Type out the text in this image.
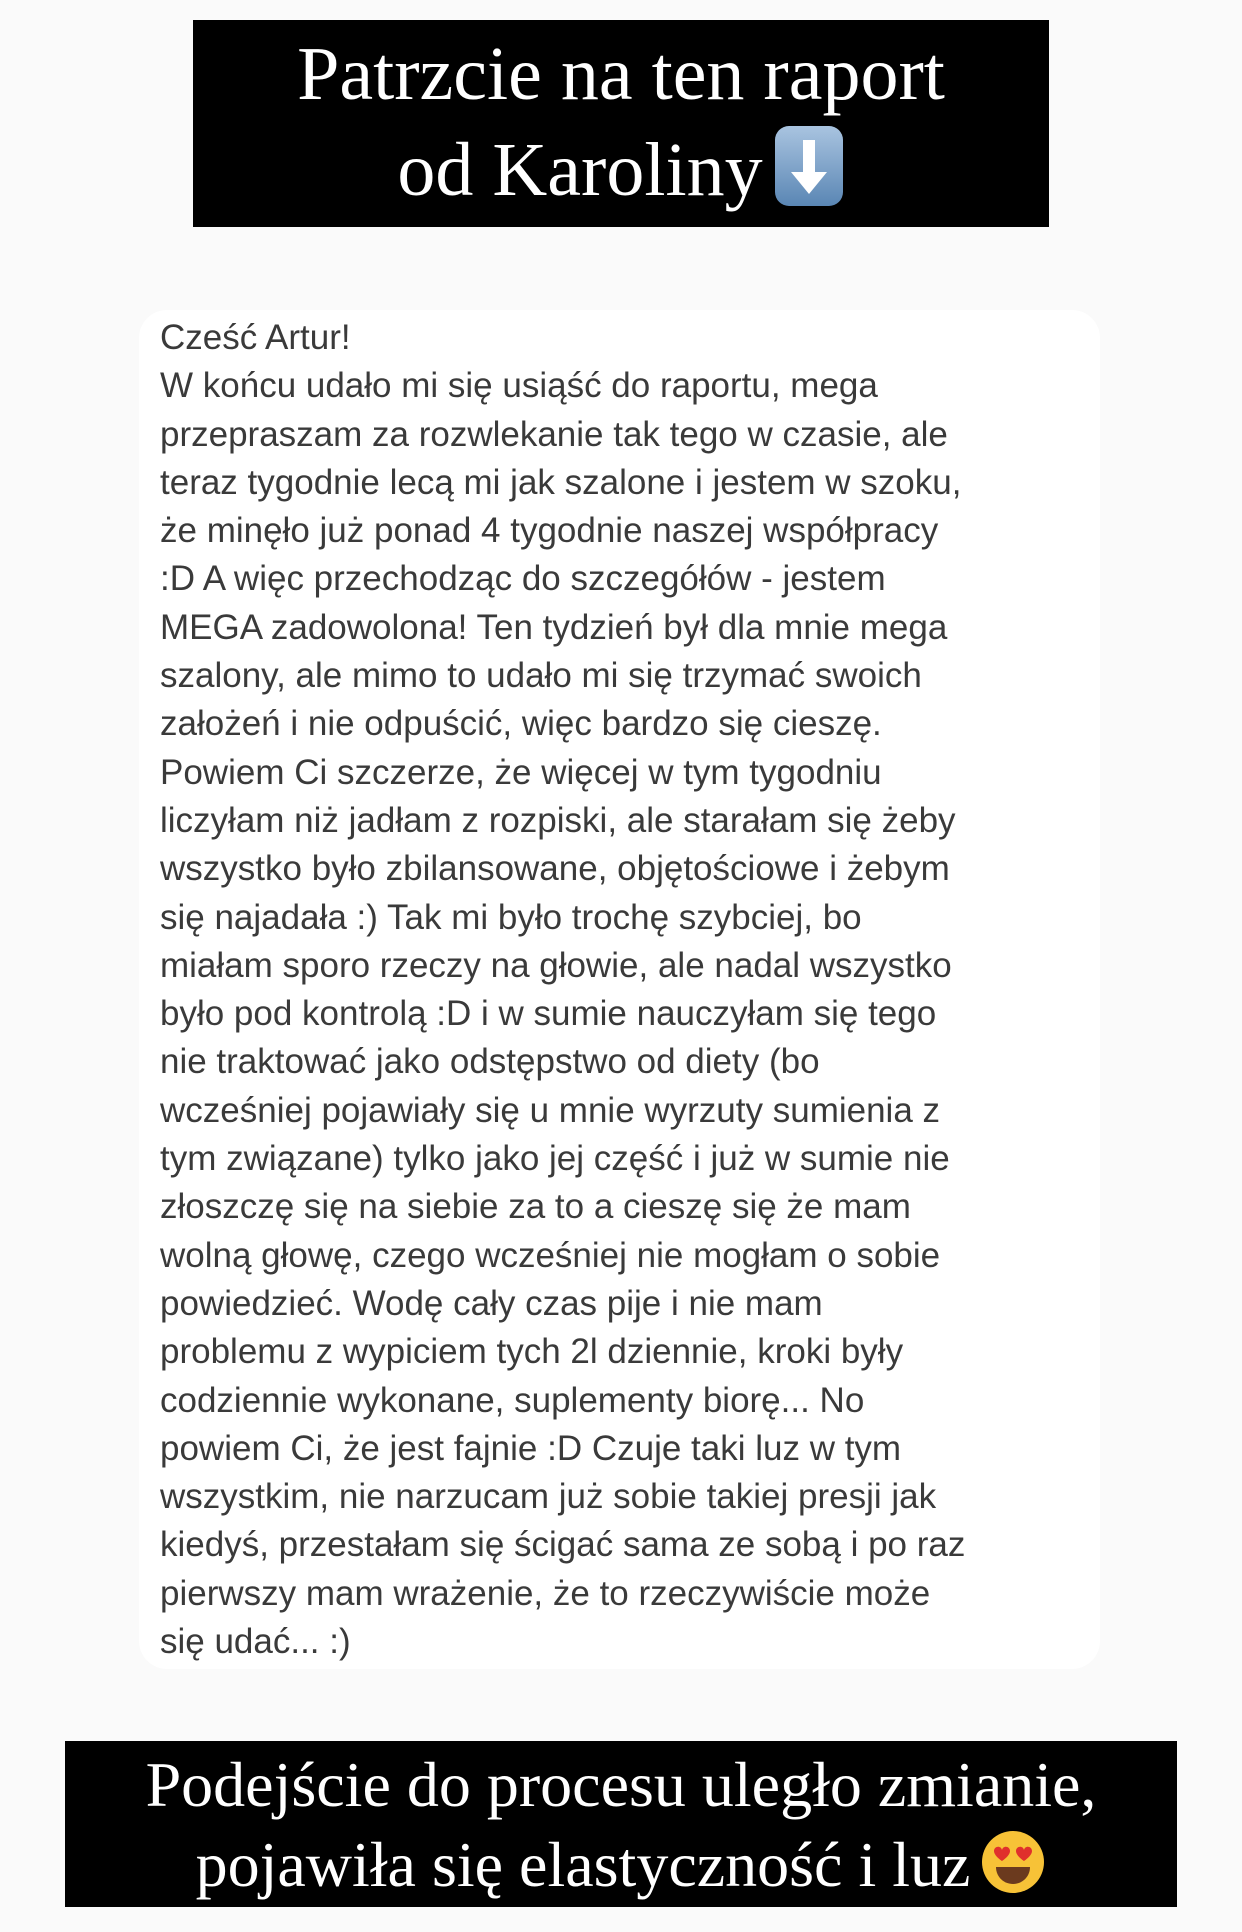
Patrzcie na ten raport
od Karoliny
Cześć Artur!
W końcu udało mi się usiąść do raportu, mega
przepraszam za rozwlekanie tak tego w czasie, ale
teraz tygodnie lecą mi jak szalone i jestem w szoku,
że minęło już ponad 4 tygodnie naszej współpracy
:D A więc przechodząc do szczegółów - jestem
MEGA zadowolona! Ten tydzień był dla mnie mega
szalony, ale mimo to udało mi się trzymać swoich
założeń i nie odpuścić, więc bardzo się cieszę.
Powiem Ci szczerze, że więcej w tym tygodniu
liczyłam niż jadłam z rozpiski, ale starałam się żeby
wszystko było zbilansowane, objętościowe i żebym
się najadała :) Tak mi było trochę szybciej, bo
miałam sporo rzeczy na głowie, ale nadal wszystko
było pod kontrolą :D i w sumie nauczyłam się tego
nie traktować jako odstępstwo od diety (bo
wcześniej pojawiały się u mnie wyrzuty sumienia z
tym związane) tylko jako jej część i już w sumie nie
złoszczę się na siebie za to a cieszę się że mam
wolną głowę, czego wcześniej nie mogłam o sobie
powiedzieć. Wodę cały czas pije i nie mam
problemu z wypiciem tych 2l dziennie, kroki były
codziennie wykonane, suplementy biorę... No
powiem Ci, że jest fajnie :D Czuje taki luz w tym
wszystkim, nie narzucam już sobie takiej presji jak
kiedyś, przestałam się ścigać sama ze sobą i po raz
pierwszy mam wrażenie, że to rzeczywiście może
się udać... :)
Podejście do procesu uległo zmianie,
pojawiła się elastyczność i luz
